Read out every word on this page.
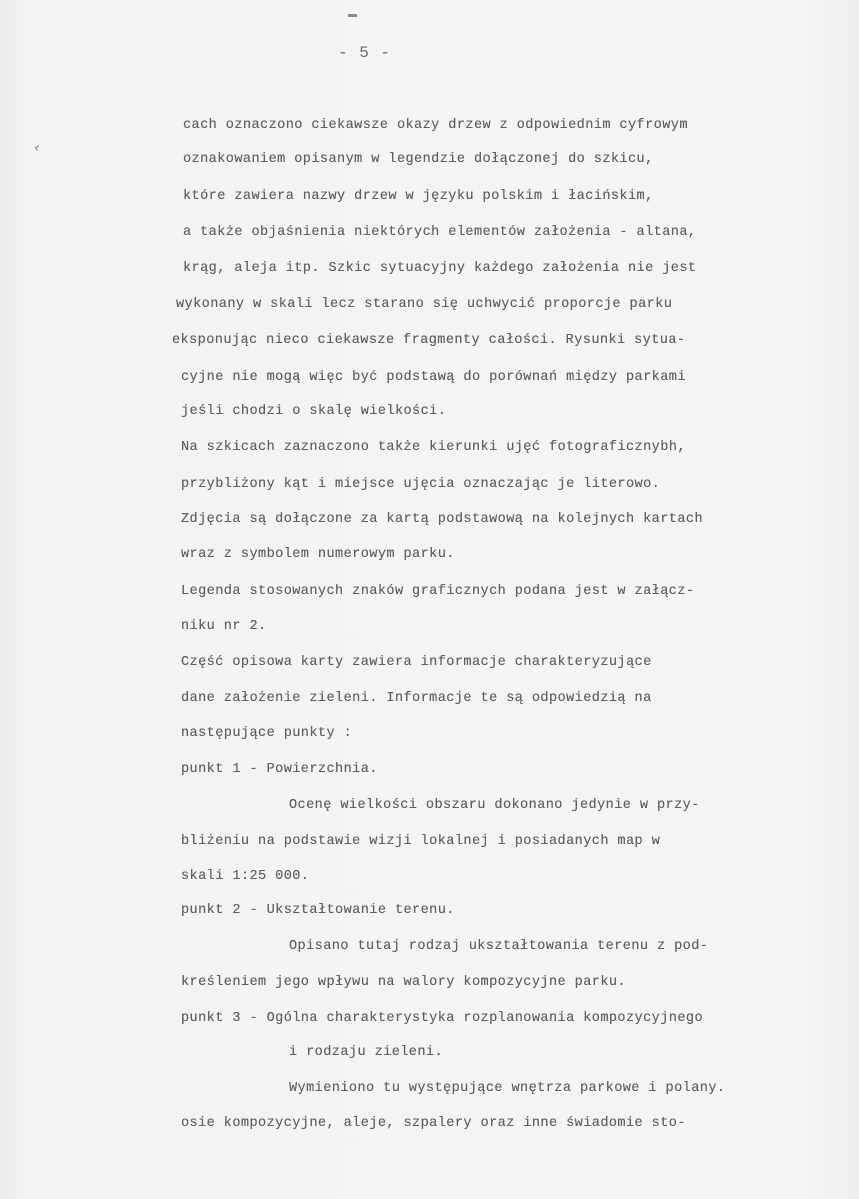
- 5 -
‹
cach oznaczono ciekawsze okazy drzew z odpowiednim cyfrowym
oznakowaniem opisanym w legendzie dołączonej do szkicu,
które zawiera nazwy drzew w języku polskim i łacińskim,
a także objaśnienia niektórych elementów założenia - altana,
krąg, aleja itp. Szkic sytuacyjny każdego założenia nie jest
wykonany w skali lecz starano się uchwycić proporcje parku
eksponując nieco ciekawsze fragmenty całości. Rysunki sytua-
cyjne nie mogą więc być podstawą do porównań między parkami
jeśli chodzi o skalę wielkości.
Na szkicach zaznaczono także kierunki ujęć fotograficznybh,
przybliżony kąt i miejsce ujęcia oznaczając je literowo.
Zdjęcia są dołączone za kartą podstawową na kolejnych kartach
wraz z symbolem numerowym parku.
Legenda stosowanych znaków graficznych podana jest w załącz-
niku nr 2.
Część opisowa karty zawiera informacje charakteryzujące
dane założenie zieleni. Informacje te są odpowiedzią na
następujące punkty :
punkt 1 - Powierzchnia.
Ocenę wielkości obszaru dokonano jedynie w przy-
bliżeniu na podstawie wizji lokalnej i posiadanych map w
skali 1:25 000.
punkt 2 - Ukształtowanie terenu.
Opisano tutaj rodzaj ukształtowania terenu z pod-
kreśleniem jego wpływu na walory kompozycyjne parku.
punkt 3 - Ogólna charakterystyka rozplanowania kompozycyjnego
i rodzaju zieleni.
Wymieniono tu występujące wnętrza parkowe i polany.
osie kompozycyjne, aleje, szpalery oraz inne świadomie sto-
